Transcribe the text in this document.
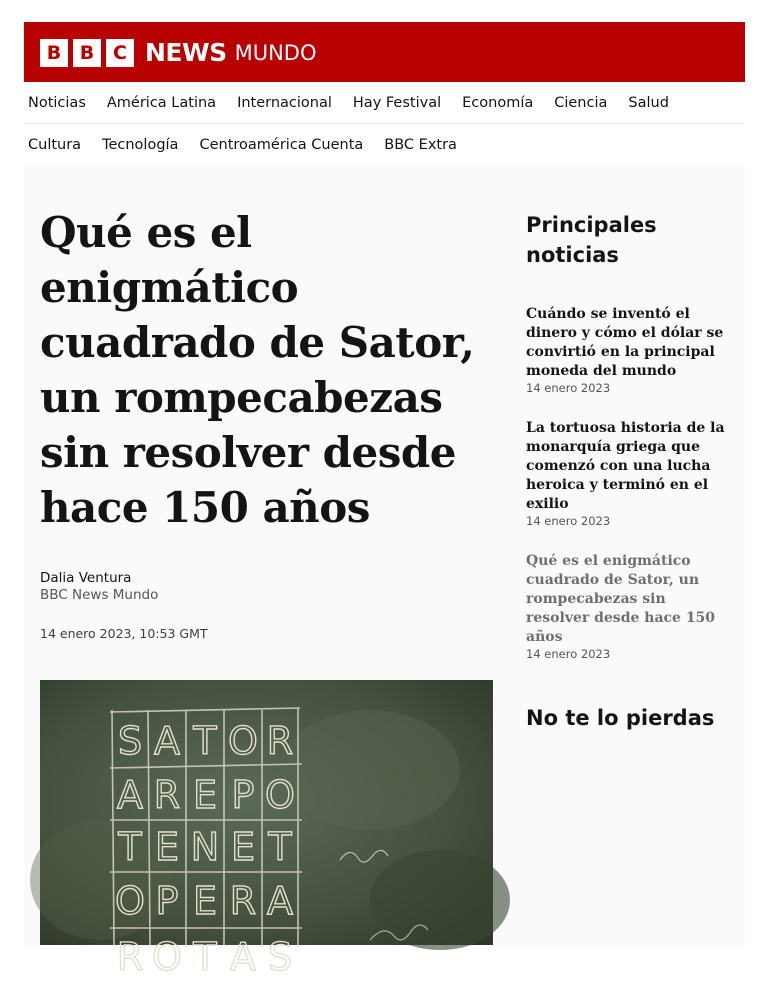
B B C NEWS MUNDO
Noticias América Latina Internacional Hay Festival Economía Ciencia Salud
Cultura Tecnología Centroamérica Cuenta BBC Extra
Qué es el enigmático cuadrado de Sator, un rompecabezas sin resolver desde hace 150 años
Dalia Ventura
BBC News Mundo
14 enero 2023, 10:53 GMT
S A T O R
A R E P O
T E N E T
O P E R A
R O T A S
Principales noticias
Cuándo se inventó el dinero y cómo el dólar se convirtió en la principal moneda del mundo
14 enero 2023
La tortuosa historia de la monarquía griega que comenzó con una lucha heroica y terminó en el exilio
14 enero 2023
Qué es el enigmático cuadrado de Sator, un rompecabezas sin resolver desde hace 150 años
14 enero 2023
No te lo pierdas
